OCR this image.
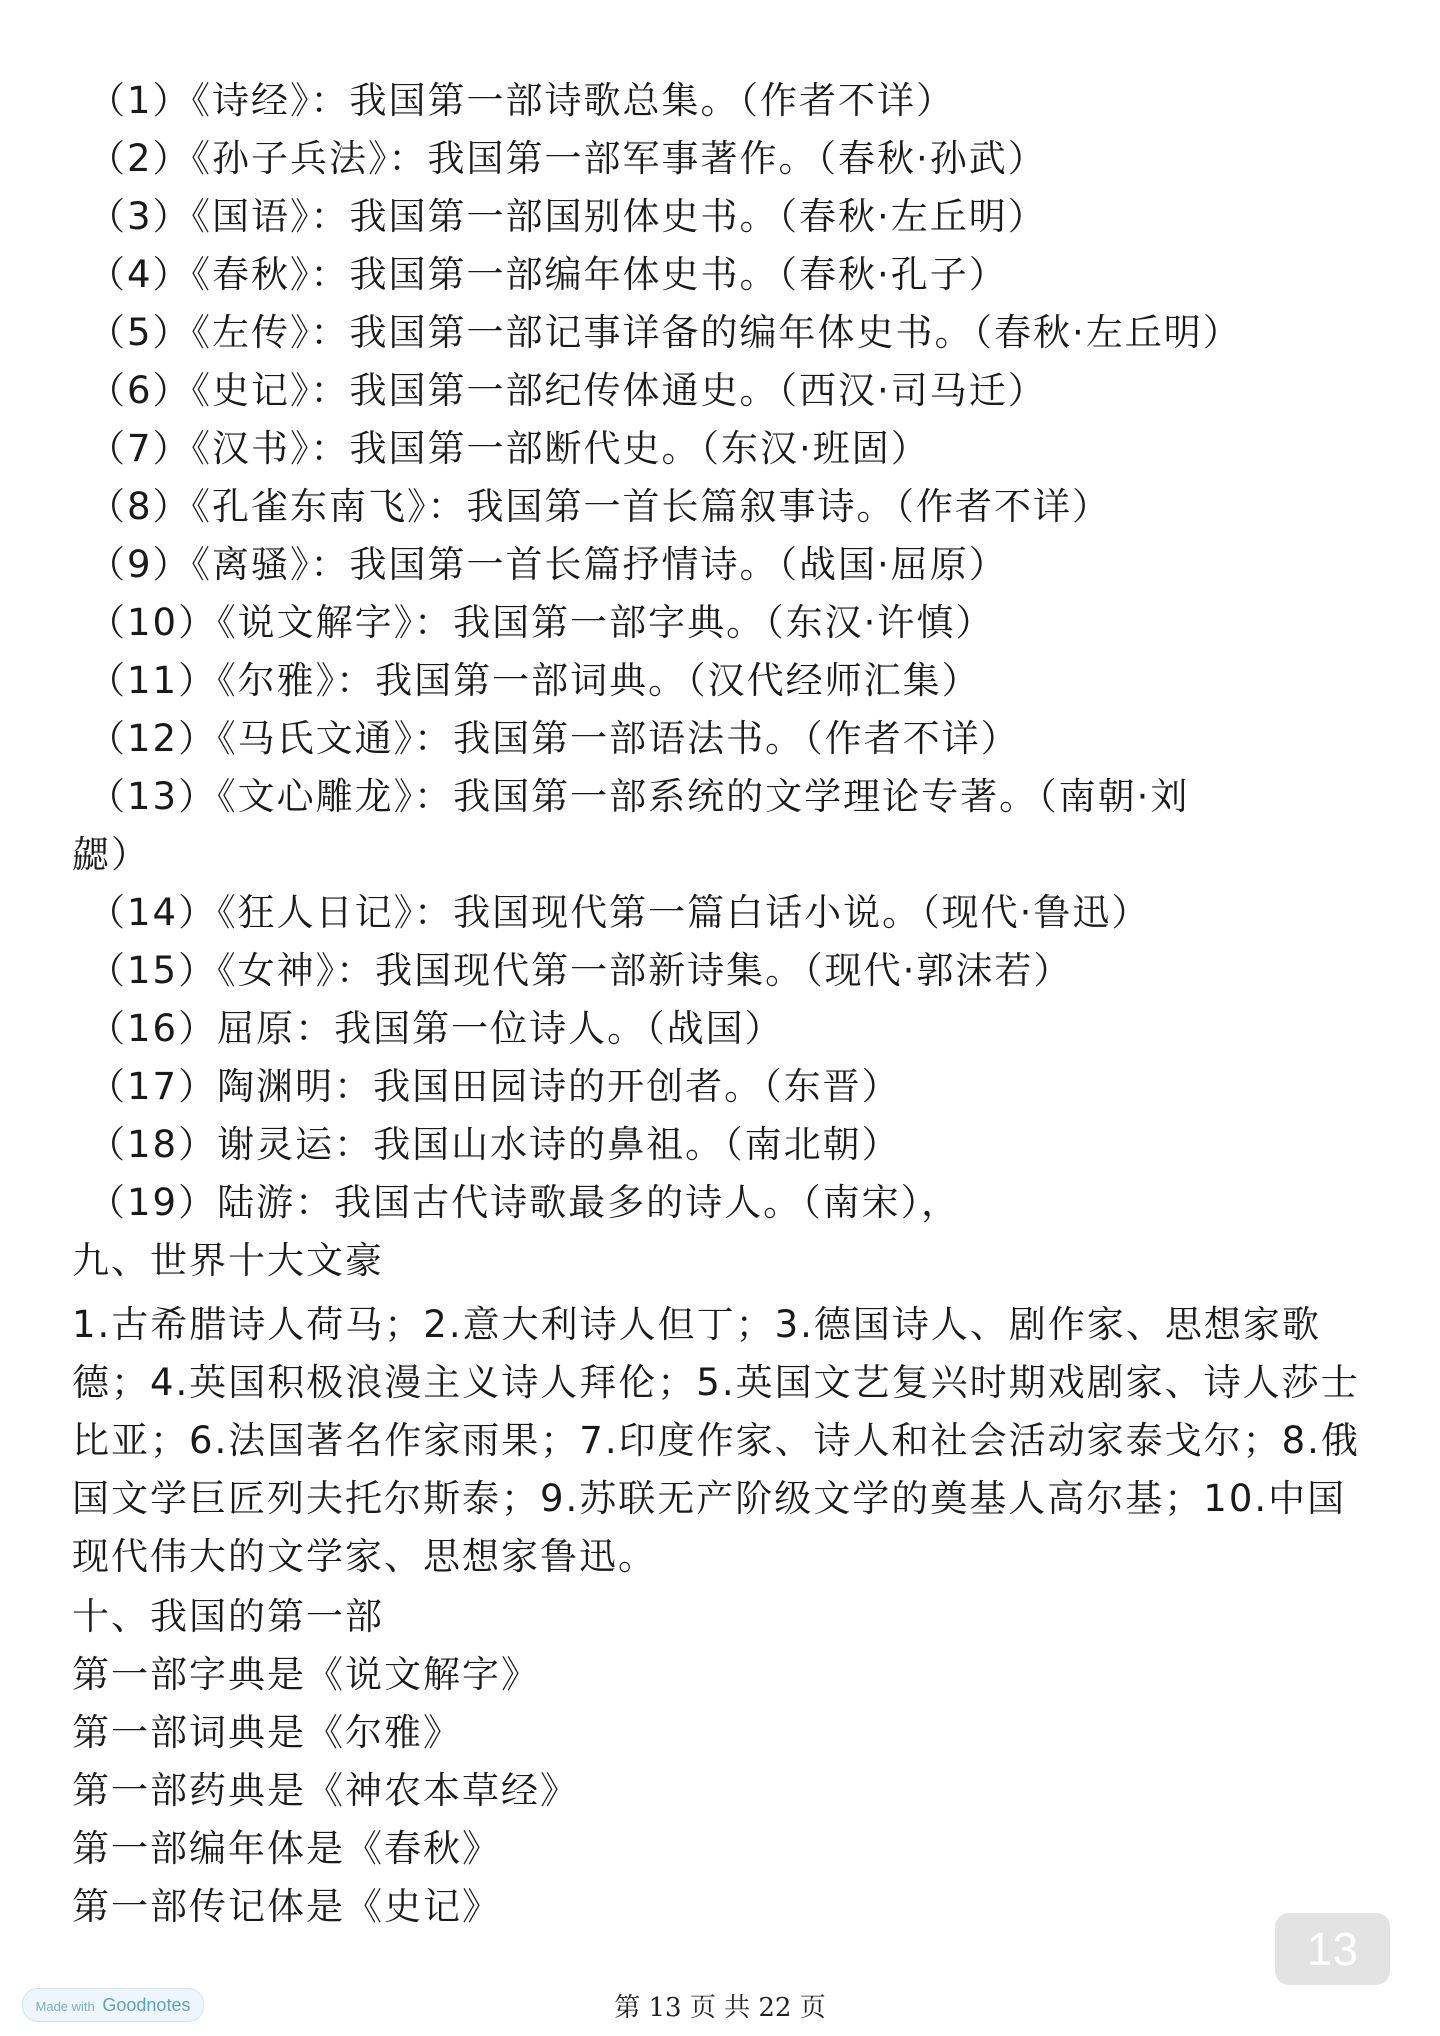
（1）《诗经》：我国第一部诗歌总集。（作者不详）
（2）《孙子兵法》：我国第一部军事著作。（春秋·孙武）
（3）《国语》：我国第一部国别体史书。（春秋·左丘明）
（4）《春秋》：我国第一部编年体史书。（春秋·孔子）
（5）《左传》：我国第一部记事详备的编年体史书。（春秋·左丘明）
（6）《史记》：我国第一部纪传体通史。（西汉·司马迁）
（7）《汉书》：我国第一部断代史。（东汉·班固）
（8）《孔雀东南飞》：我国第一首长篇叙事诗。（作者不详）
（9）《离骚》：我国第一首长篇抒情诗。（战国·屈原）
（10）《说文解字》：我国第一部字典。（东汉·许慎）
（11）《尔雅》：我国第一部词典。（汉代经师汇集）
（12）《马氏文通》：我国第一部语法书。（作者不详）
（13）《文心雕龙》：我国第一部系统的文学理论专著。（南朝·刘
勰）
（14）《狂人日记》：我国现代第一篇白话小说。（现代·鲁迅）
（15）《女神》：我国现代第一部新诗集。（现代·郭沫若）
（16）屈原：我国第一位诗人。（战国）
（17）陶渊明：我国田园诗的开创者。（东晋）
（18）谢灵运：我国山水诗的鼻祖。（南北朝）
（19）陆游：我国古代诗歌最多的诗人。（南宋），
九、世界十大文豪
1.古希腊诗人荷马；2.意大利诗人但丁；3.德国诗人、剧作家、思想家歌德；4.英国积极浪漫主义诗人拜伦；5.英国文艺复兴时期戏剧家、诗人莎士比亚；6.法国著名作家雨果；7.印度作家、诗人和社会活动家泰戈尔；8.俄国文学巨匠列夫托尔斯泰；9.苏联无产阶级文学的奠基人高尔基；10.中国现代伟大的文学家、思想家鲁迅。
十、我国的第一部
第一部字典是《说文解字》
第一部词典是《尔雅》
第一部药典是《神农本草经》
第一部编年体是《春秋》
第一部传记体是《史记》
13
第 13 页 共 22 页
Made with Goodnotes
